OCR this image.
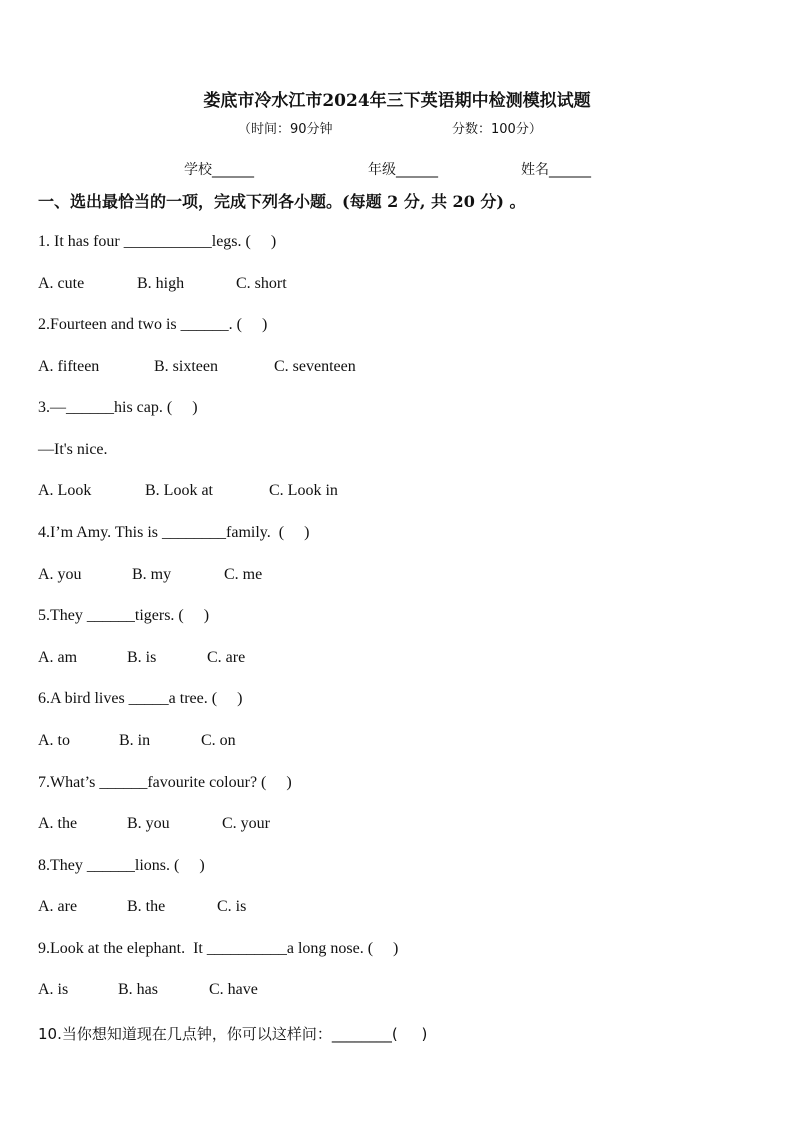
娄底市冷水江市2024年三下英语期中检测模拟试题
（时间：90分钟	分数：100分）
学校______	年级______	姓名______
一、选出最恰当的一项，完成下列各小题。(每题 2 分, 共 20 分) 。
1. It has four ___________legs. (     )
A. cute	B. high	C. short
2.Fourteen and two is ______. (     )
A. fifteen	B. sixteen	C. seventeen
3.—______his cap. (     )
—It's nice.
A. Look	B. Look at	C. Look in
4.I’m Amy. This is ________family.  (     )
A. you	B. my	C. me
5.They ______tigers. (     )
A. am	B. is	C. are
6.A bird lives _____a tree. (     )
A. to	B. in	C. on
7.What’s ______favourite colour? (     )
A. the	B. you	C. your
8.They ______lions. (     )
A. are	B. the	C. is
9.Look at the elephant.  It __________a long nose. (     )
A. is	B. has	C. have
10.当你想知道现在几点钟，你可以这样问：________(     )
